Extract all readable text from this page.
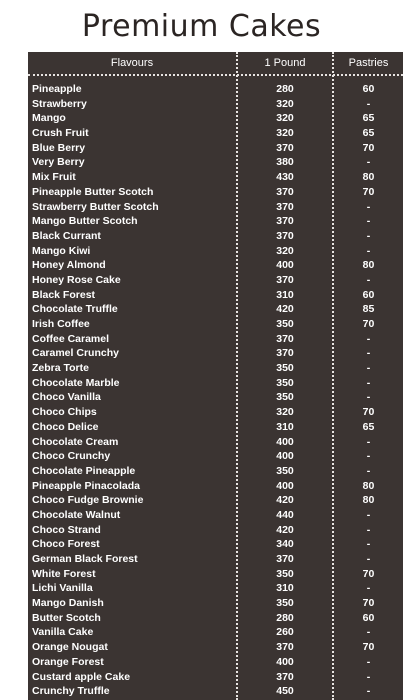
Premium Cakes
Flavours	1 Pound	Pastries
Pineapple	280	60
Strawberry	320	-
Mango	320	65
Crush Fruit	320	65
Blue Berry	370	70
Very Berry	380	-
Mix Fruit	430	80
Pineapple Butter Scotch	370	70
Strawberry Butter Scotch	370	-
Mango Butter Scotch	370	-
Black Currant	370	-
Mango Kiwi	320	-
Honey Almond	400	80
Honey Rose Cake	370	-
Black Forest	310	60
Chocolate Truffle	420	85
Irish Coffee	350	70
Coffee Caramel	370	-
Caramel Crunchy	370	-
Zebra Torte	350	-
Chocolate Marble	350	-
Choco Vanilla	350	-
Choco Chips	320	70
Choco Delice	310	65
Chocolate Cream	400	-
Choco Crunchy	400	-
Chocolate Pineapple	350	-
Pineapple Pinacolada	400	80
Choco Fudge Brownie	420	80
Chocolate Walnut	440	-
Choco Strand	420	-
Choco Forest	340	-
German Black Forest	370	-
White Forest	350	70
Lichi Vanilla	310	-
Mango Danish	350	70
Butter Scotch	280	60
Vanilla Cake	260	-
Orange Nougat	370	70
Orange Forest	400	-
Custard apple Cake	370	-
Crunchy Truffle	450	-
